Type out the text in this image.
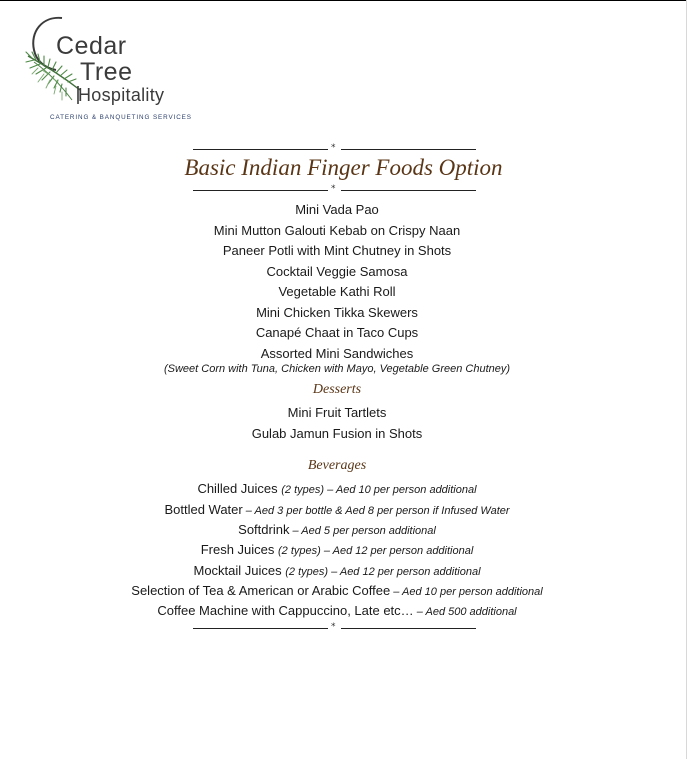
Cedar
Tree
Hospitality
CATERING & BANQUETING SERVICES
*
Basic Indian Finger Foods Option
*
Mini Vada Pao
Mini Mutton Galouti Kebab on Crispy Naan
Paneer Potli with Mint Chutney in Shots
Cocktail Veggie Samosa
Vegetable Kathi Roll
Mini Chicken Tikka Skewers
Canapé Chaat in Taco Cups
Assorted Mini Sandwiches
(Sweet Corn with Tuna, Chicken with Mayo, Vegetable Green Chutney)
Desserts
Mini Fruit Tartlets
Gulab Jamun Fusion in Shots
Beverages
Chilled Juices (2 types) – Aed 10 per person additional
Bottled Water – Aed 3 per bottle & Aed 8 per person if Infused Water
Softdrink – Aed 5 per person additional
Fresh Juices (2 types) – Aed 12 per person additional
Mocktail Juices (2 types) – Aed 12 per person additional
Selection of Tea & American or Arabic Coffee – Aed 10 per person additional
Coffee Machine with Cappuccino, Late etc… – Aed 500 additional
*
